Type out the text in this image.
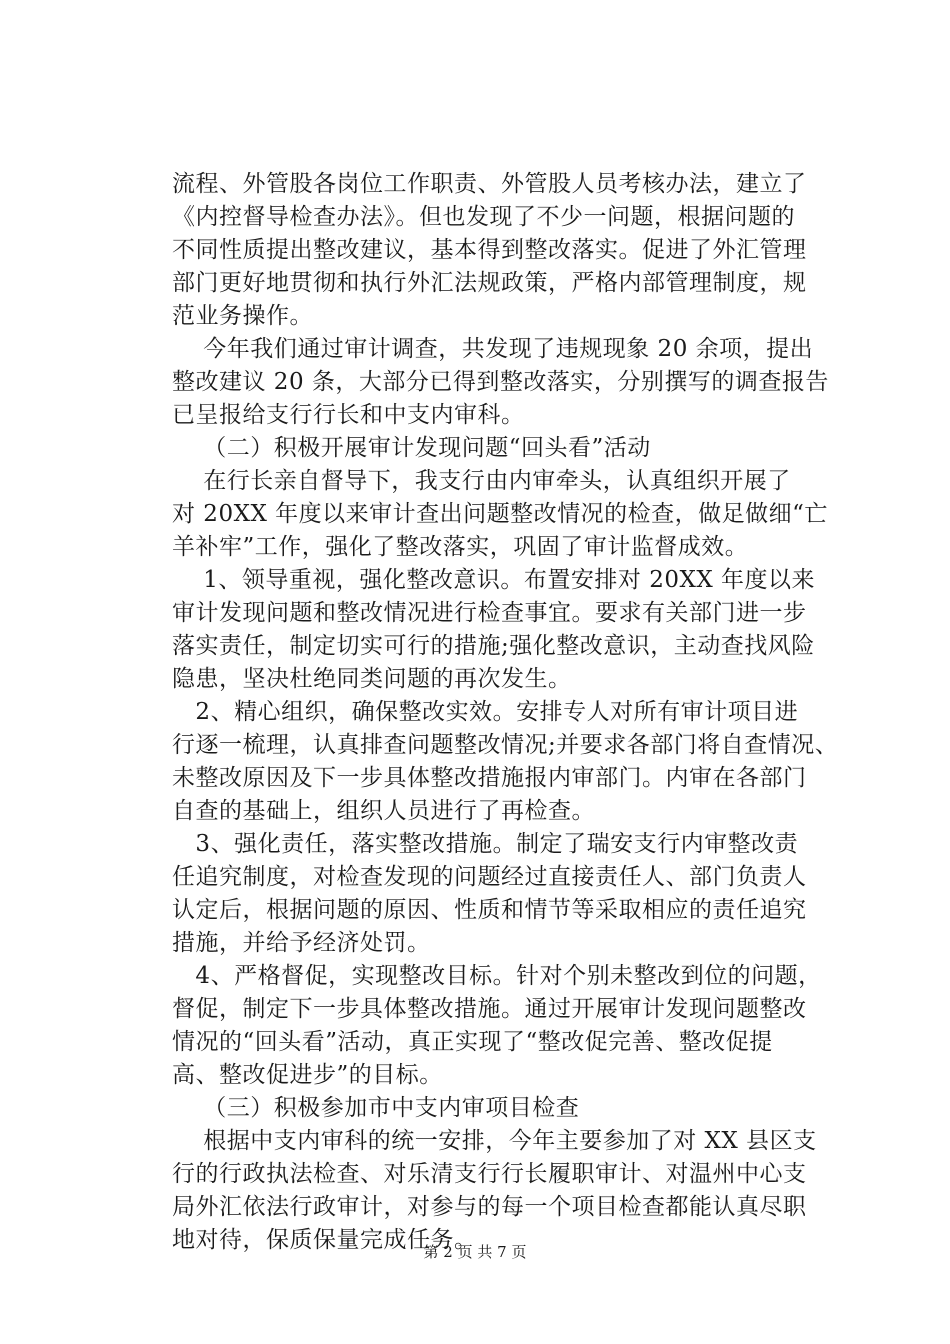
流程、外管股各岗位工作职责、外管股人员考核办法，建立了
《内控督导检查办法》。但也发现了不少一问题，根据问题的
不同性质提出整改建议，基本得到整改落实。促进了外汇管理
部门更好地贯彻和执行外汇法规政策，严格内部管理制度，规
范业务操作。
今年我们通过审计调查，共发现了违规现象 20 余项，提出
整改建议 20 条，大部分已得到整改落实，分别撰写的调查报告
已呈报给支行行长和中支内审科。
（二）积极开展审计发现问题“回头看”活动
在行长亲自督导下，我支行由内审牵头，认真组织开展了
对 20XX 年度以来审计查出问题整改情况的检查，做足做细“亡
羊补牢”工作，强化了整改落实，巩固了审计监督成效。
1、领导重视，强化整改意识。布置安排对 20XX 年度以来
审计发现问题和整改情况进行检查事宜。要求有关部门进一步
落实责任，制定切实可行的措施;强化整改意识，主动查找风险
隐患，坚决杜绝同类问题的再次发生。
2、精心组织，确保整改实效。安排专人对所有审计项目进
行逐一梳理，认真排查问题整改情况;并要求各部门将自查情况、
未整改原因及下一步具体整改措施报内审部门。内审在各部门
自查的基础上，组织人员进行了再检查。
3、强化责任，落实整改措施。制定了瑞安支行内审整改责
任追究制度，对检查发现的问题经过直接责任人、部门负责人
认定后，根据问题的原因、性质和情节等采取相应的责任追究
措施，并给予经济处罚。
4、严格督促，实现整改目标。针对个别未整改到位的问题，
督促，制定下一步具体整改措施。通过开展审计发现问题整改
情况的“回头看”活动，真正实现了“整改促完善、整改促提
高、整改促进步”的目标。
（三）积极参加市中支内审项目检查
根据中支内审科的统一安排，今年主要参加了对 XX 县区支
行的行政执法检查、对乐清支行行长履职审计、对温州中心支
局外汇依法行政审计，对参与的每一个项目检查都能认真尽职
地对待，保质保量完成任务。
第 2 页 共 7 页
